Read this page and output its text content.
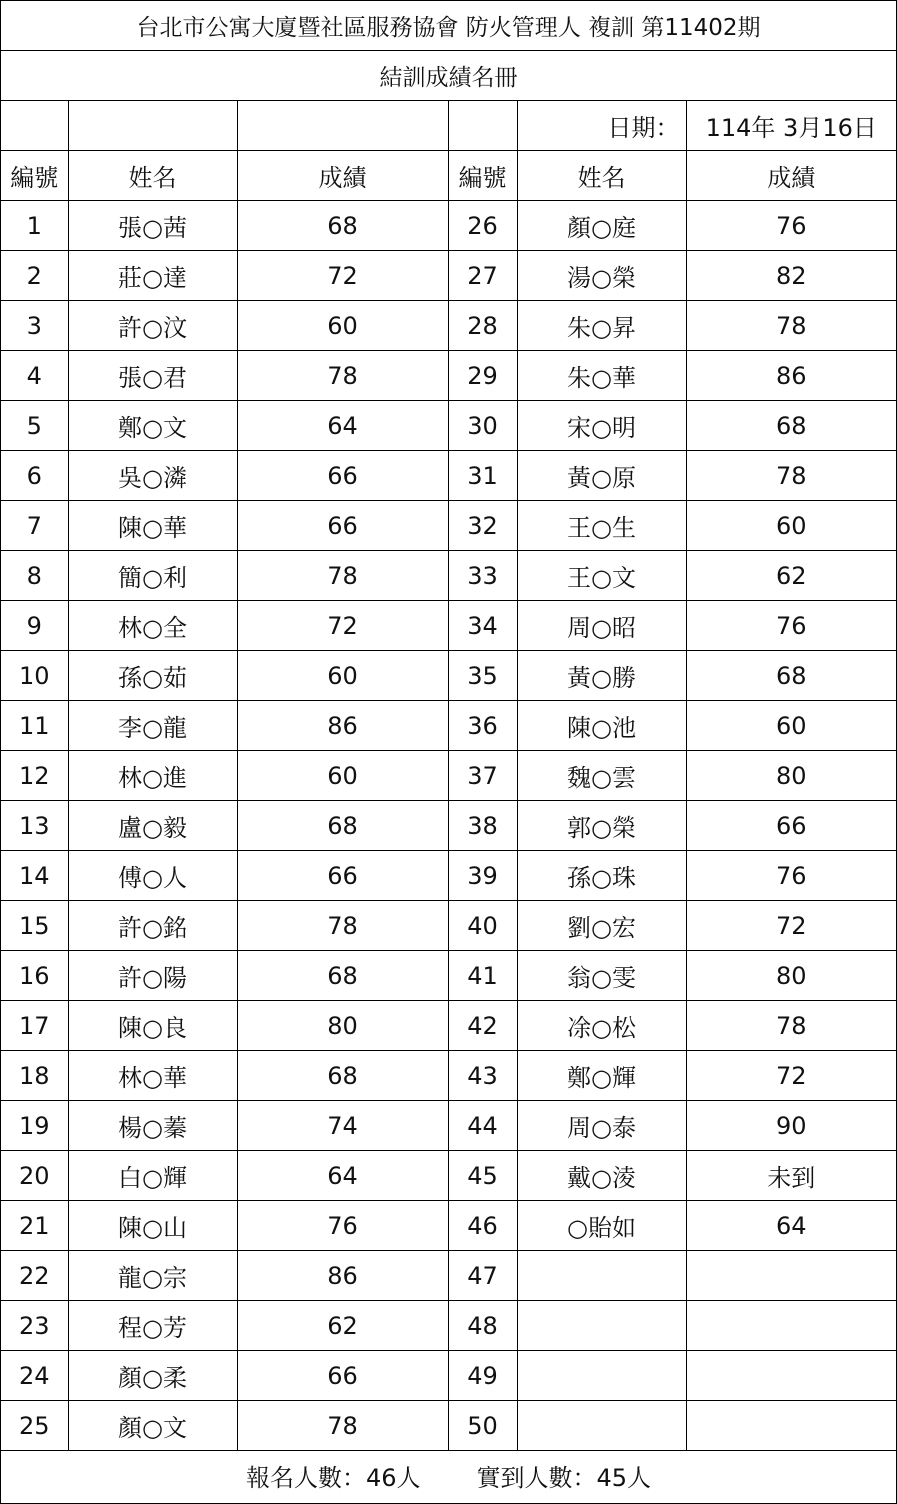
台北市公寓大廈暨社區服務協會 防火管理人 複訓 第11402期					
結訓成績名冊					
				日期：	114年 3月16日
編號	姓名	成績	編號	姓名	成績
1	張○茜	68	26	顏○庭	76
2	莊○達	72	27	湯○榮	82
3	許○汶	60	28	朱○昇	78
4	張○君	78	29	朱○華	86
5	鄭○文	64	30	宋○明	68
6	吳○潾	66	31	黃○原	78
7	陳○華	66	32	王○生	60
8	簡○利	78	33	王○文	62
9	林○全	72	34	周○昭	76
10	孫○茹	60	35	黃○勝	68
11	李○龍	86	36	陳○池	60
12	林○進	60	37	魏○雲	80
13	盧○毅	68	38	郭○榮	66
14	傅○人	66	39	孫○珠	76
15	許○銘	78	40	劉○宏	72
16	許○陽	68	41	翁○雯	80
17	陳○良	80	42	凃○松	78
18	林○華	68	43	鄭○輝	72
19	楊○蓁	74	44	周○泰	90
20	白○輝	64	45	戴○淩	未到
21	陳○山	76	46	○貽如	64
22	龍○宗	86	47		
23	程○芳	62	48		
24	顏○柔	66	49		
25	顏○文	78	50		
報名人數：46人 實到人數：45人					
